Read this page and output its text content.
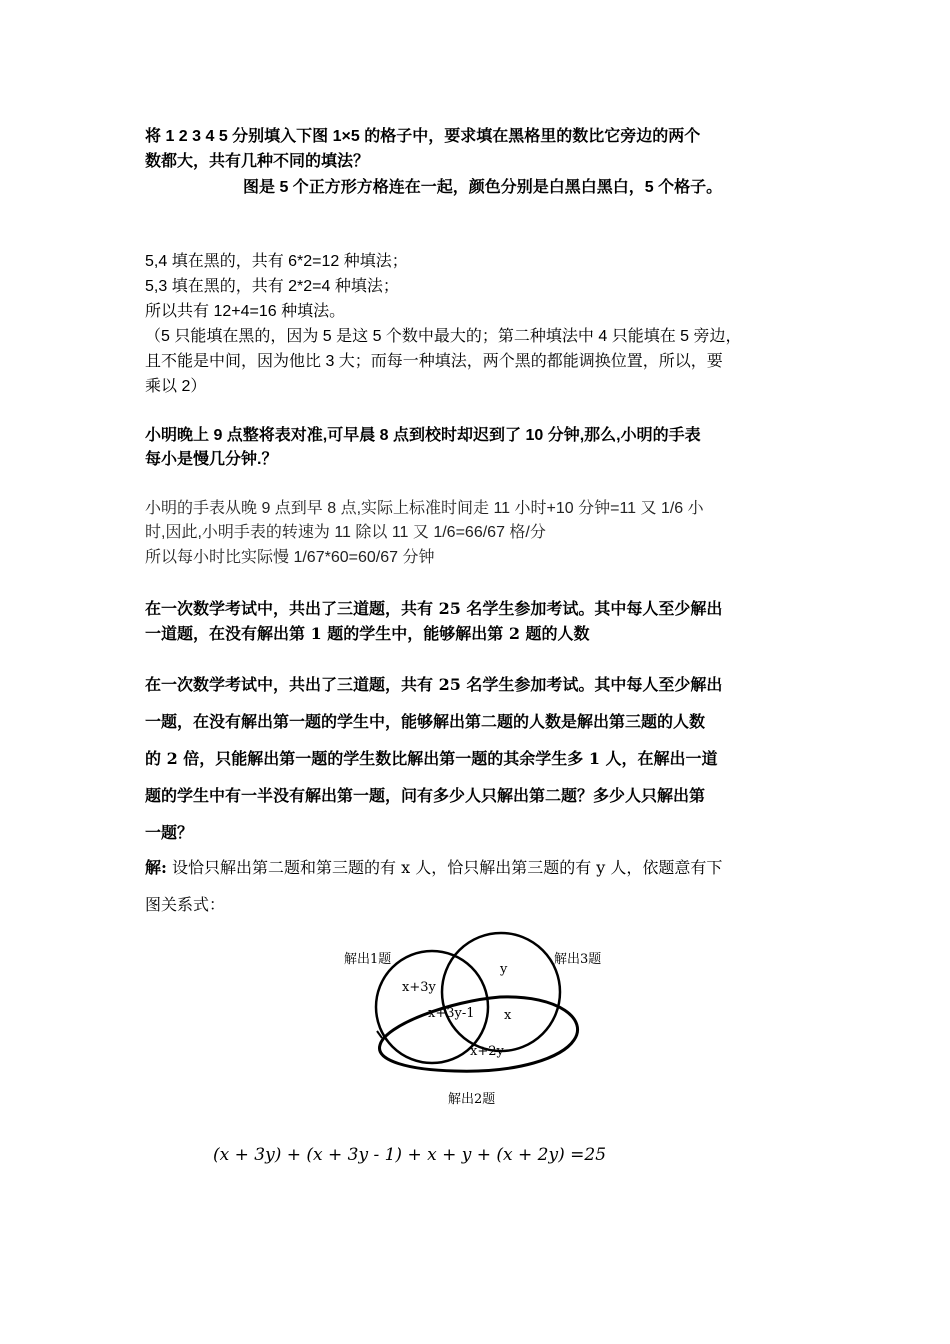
将 1 2 3 4 5 分别填入下图 1×5 的格子中，要求填在黑格里的数比它旁边的两个
数都大，共有几种不同的填法？
图是 5 个正方形方格连在一起，颜色分别是白黑白黑白，5 个格子。
5,4 填在黑的，共有 6*2=12 种填法；
5,3 填在黑的，共有 2*2=4 种填法；
所以共有 12+4=16 种填法。
（5 只能填在黑的，因为 5 是这 5 个数中最大的；第二种填法中 4 只能填在 5 旁边，
且不能是中间，因为他比 3 大；而每一种填法，两个黑的都能调换位置，所以，要
乘以 2）
小明晚上 9 点整将表对准,可早晨 8 点到校时却迟到了 10 分钟,那么,小明的手表
每小是慢几分钟.？
小明的手表从晚 9 点到早 8 点,实际上标准时间走 11 小时+10 分钟=11 又 1/6 小
时,因此,小明手表的转速为 11 除以 11 又 1/6=66/67 格/分
所以每小时比实际慢 1/67*60=60/67 分钟
在一次数学考试中，共出了三道题，共有 25 名学生参加考试。其中每人至少解出
一道题，在没有解出第 1 题的学生中，能够解出第 2 题的人数
在一次数学考试中，共出了三道题，共有 25 名学生参加考试。其中每人至少解出
一题，在没有解出第一题的学生中，能够解出第二题的人数是解出第三题的人数
的 2 倍，只能解出第一题的学生数比解出第一题的其余学生多 1 人，在解出一道
题的学生中有一半没有解出第一题，问有多少人只解出第二题？多少人只解出第
一题？
解: 设恰只解出第二题和第三题的有 x 人，恰只解出第三题的有 y 人，依题意有下
图关系式：
解出1题	解出3题
解出2题
x+3y
y
x+3y-1 x
x+2y
(x + 3y) + (x + 3y - 1) + x + y + (x + 2y) =25
